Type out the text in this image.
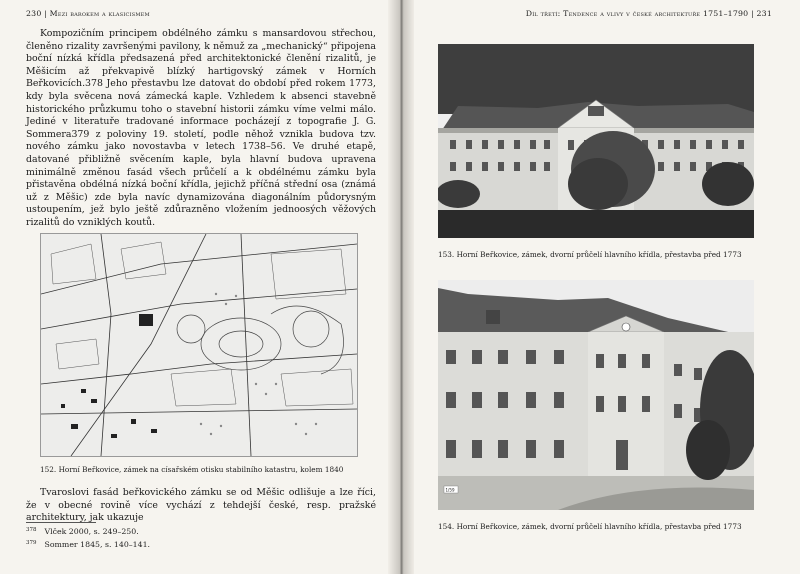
230 | Mezi barokem a klasicismem

Kompozičním principem obdélného zámku s mansardovou střechou, členěno rizality završenými pavilony, k němuž za „mechanický“ připojena boční nízká křídla předsazená před architektonické členění rizalitů, je Měšicím až překvapivě blízký hartigovský zámek v Horních Beřkovicích.378 Jeho přestavbu lze datovat do období před rokem 1773, kdy byla svěcena nová zámecká kaple. Vzhledem k absenci stavebně historického průzkumu toho o stavební historii zámku víme velmi málo. Jediné v literatuře tradované informace pocházejí z topografie J. G. Sommera379 z poloviny 19. století, podle něhož vznikla budova tzv. nového zámku jako novostavba v letech 1738–56. Ve druhé etapě, datované přibližně svěcením kaple, byla hlavní budova upravena minimálně změnou fasád všech průčelí a k obdélnému zámku byla přistavěna obdélná nízká boční křídla, jejichž příčná střední osa (známá už z Měšic) zde byla navíc dynamizována diagonálním půdorysným ustoupením, jež bylo ještě zdůrazněno vložením jednoosých věžových rizalitů do vzniklých koutů.

152. Horní Beřkovice, zámek na císařském otisku stabilního katastru, kolem 1840
Tvaroslovi fasád beřkovického zámku se od Měšic odlišuje a lze říci, že v obecné rovině více vychází z tehdejší české, resp. pražské architektury, jak ukazuje
$^{378}$ Vlček 2000, s. 249–250.
$^{379}$ Sommer 1845, s. 140–141.
Díl třetí: Tendence a vlivy v české architektuře 1751–1790 | 231
153. Horní Beřkovice, zámek, dvorní průčelí hlavního křídla, přestavba před 1773
1/59
154. Horní Beřkovice, zámek, dvorní průčelí hlavního křídla, přestavba před 1773
